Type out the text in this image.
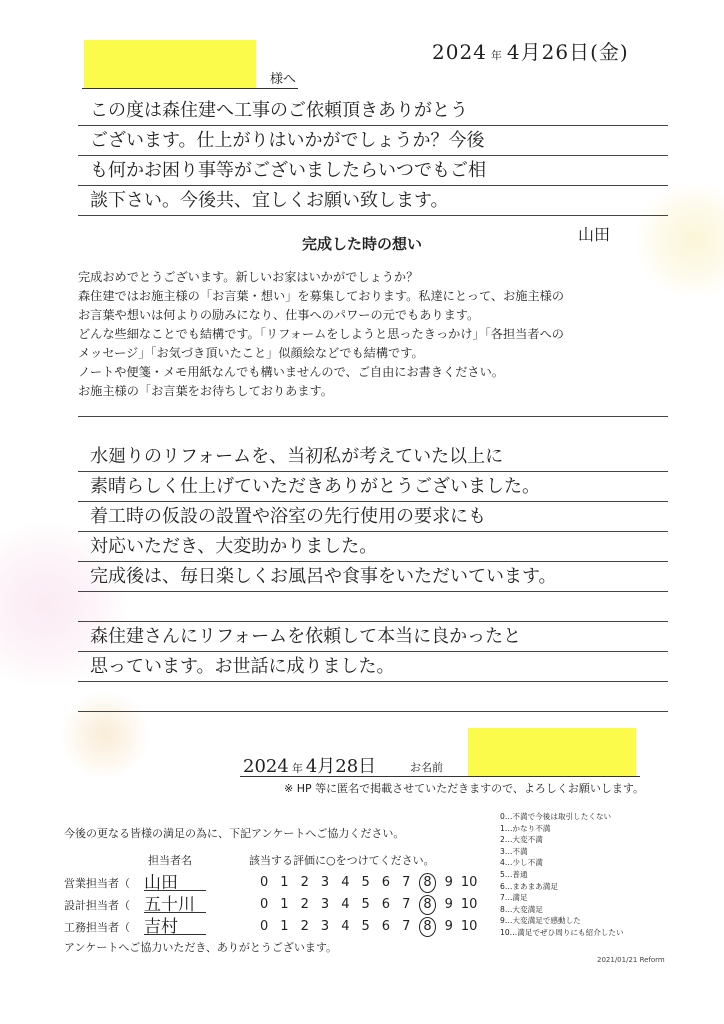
2024 年 4月26日(金)
様へ
この度は森住建へ工事のご依頼頂きありがとう
ございます。仕上がりはいかがでしょうか？今後
も何かお困り事等がございましたらいつでもご相
談下さい。今後共、宜しくお願い致します。
山田
完成した時の想い

完成おめでとうございます。新しいお家はいかがでしょうか？

森住建ではお施主様の「お言葉・想い」を募集しております。私達にとって、お施主様の

お言葉や想いは何よりの励みになり、仕事へのパワーの元でもあります。

どんな些細なことでも結構です。「リフォームをしようと思ったきっかけ」「各担当者への

メッセージ」「お気づき頂いたこと」似顔絵などでも結構です。

ノートや便箋・メモ用紙なんでも構いませんので、ご自由にお書きください。

お施主様の「お言葉をお待ちしておりあます。

水廻りのリフォームを、当初私が考えていた以上に
素晴らしく仕上げていただきありがとうございました。
着工時の仮設の設置や浴室の先行使用の要求にも
対応いただき、大変助かりました。
完成後は、毎日楽しくお風呂や食事をいただいています。
森住建さんにリフォームを依頼して本当に良かったと
思っています。お世話に成りました。
2024 年 4月28日	お名前
※ HP 等に匿名で掲載させていただきますので、よろしくお願いします。
今後の更なる皆様の満足の為に、下記アンケートへご協力ください。
担当者名	該当する評価に○をつけてください。
営業担当者（ 山田	0 1 2 3 4 5 6 7 8 9 10
設計担当者（ 五十川	0 1 2 3 4 5 6 7 8 9 10
工務担当者（ 吉村	0 1 2 3 4 5 6 7 8 9 10
アンケートへご協力いただき、ありがとうございます。
0…不満で今後は取引したくない
1…かなり不満
2…大変不満
3…不満
4…少し不満
5…普通
6…まあまあ満足
7…満足
8…大変満足
9…大変満足で感動した
10…満足でぜひ周りにも紹介したい
2021/01/21 Reform
